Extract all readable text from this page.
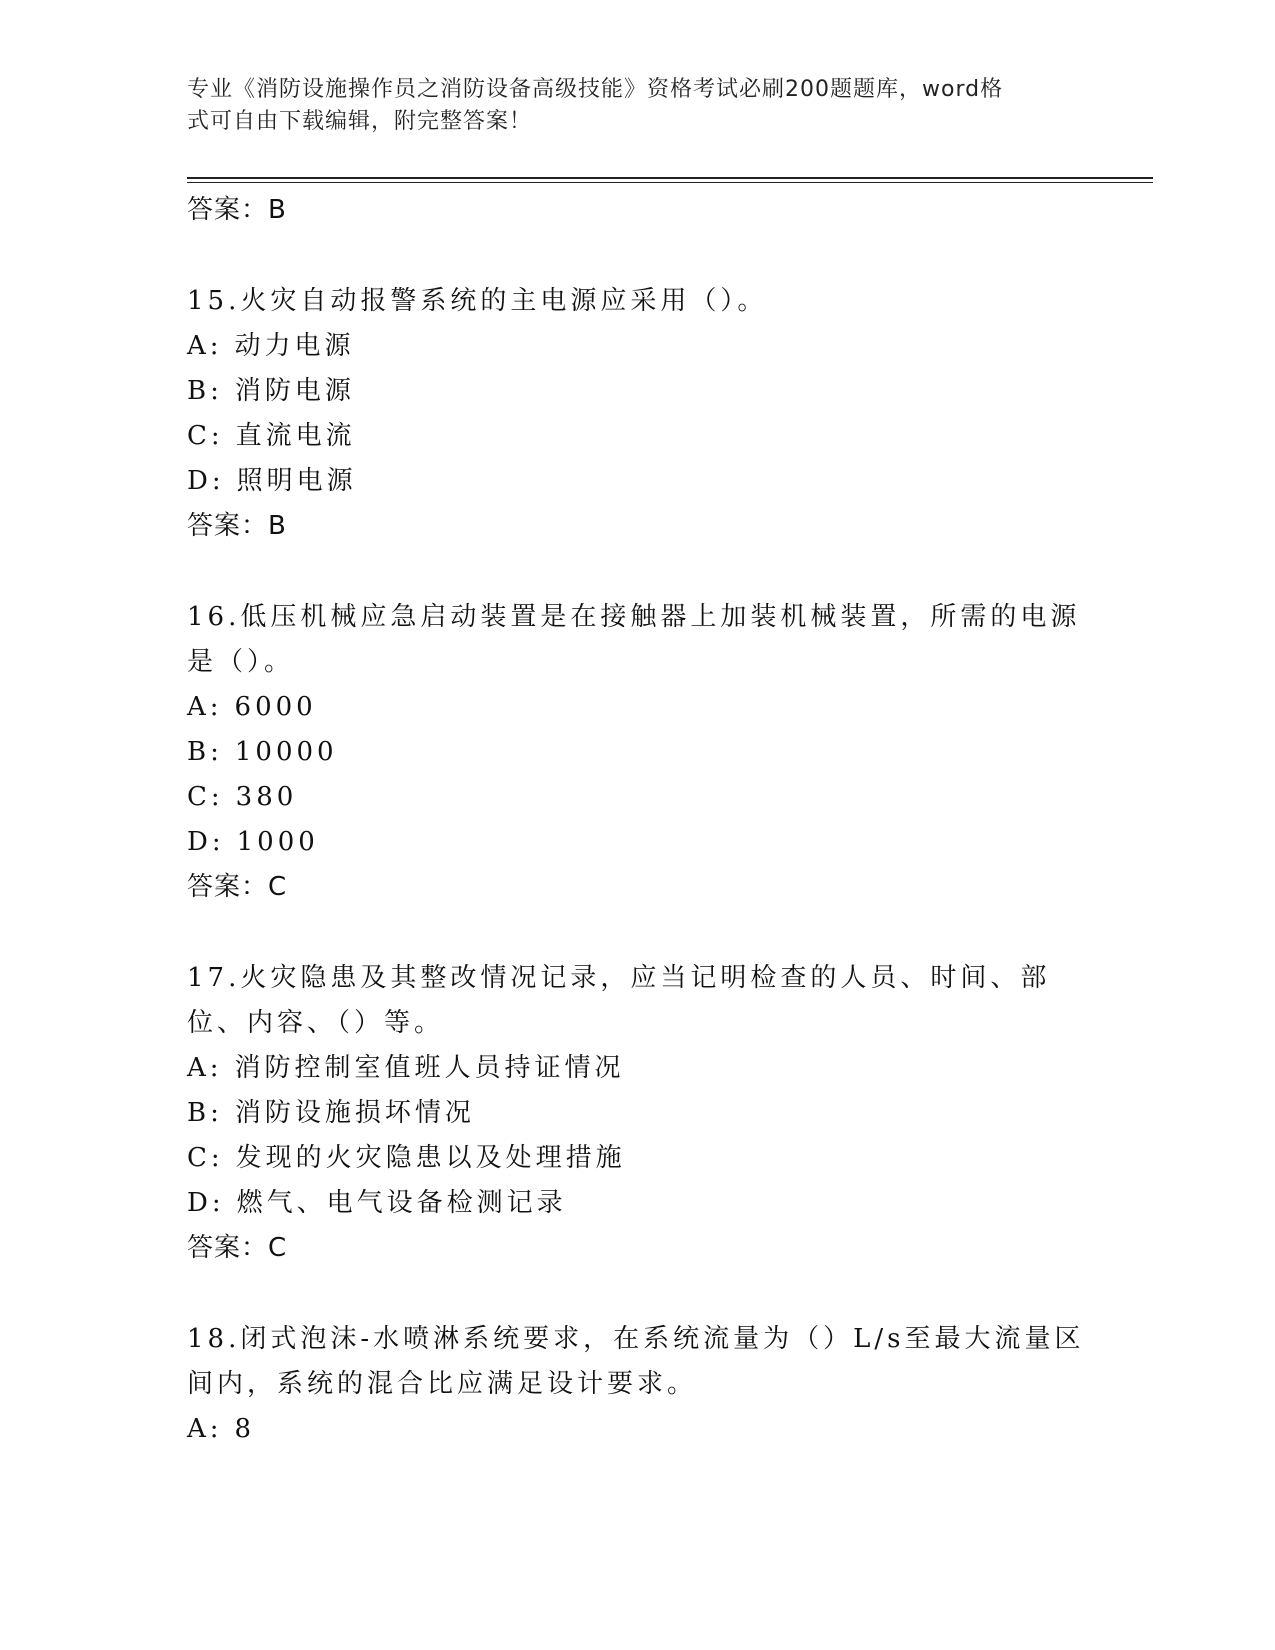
专业《消防设施操作员之消防设备高级技能》资格考试必刷200题题库，word格
式可自由下载编辑，附完整答案！
答案：B
15.火灾自动报警系统的主电源应采用（）。
A: 动力电源
B: 消防电源
C: 直流电流
D: 照明电源
答案：B
16.低压机械应急启动装置是在接触器上加装机械装置，所需的电源是（）。
A: 6000
B: 10000
C: 380
D: 1000
答案：C
17.火灾隐患及其整改情况记录，应当记明检查的人员、时间、部位、内容、（）等。
A: 消防控制室值班人员持证情况
B: 消防设施损坏情况
C: 发现的火灾隐患以及处理措施
D: 燃气、电气设备检测记录
答案：C
18.闭式泡沫-水喷淋系统要求，在系统流量为（）L/s至最大流量区间内，系统的混合比应满足设计要求。
A: 8
